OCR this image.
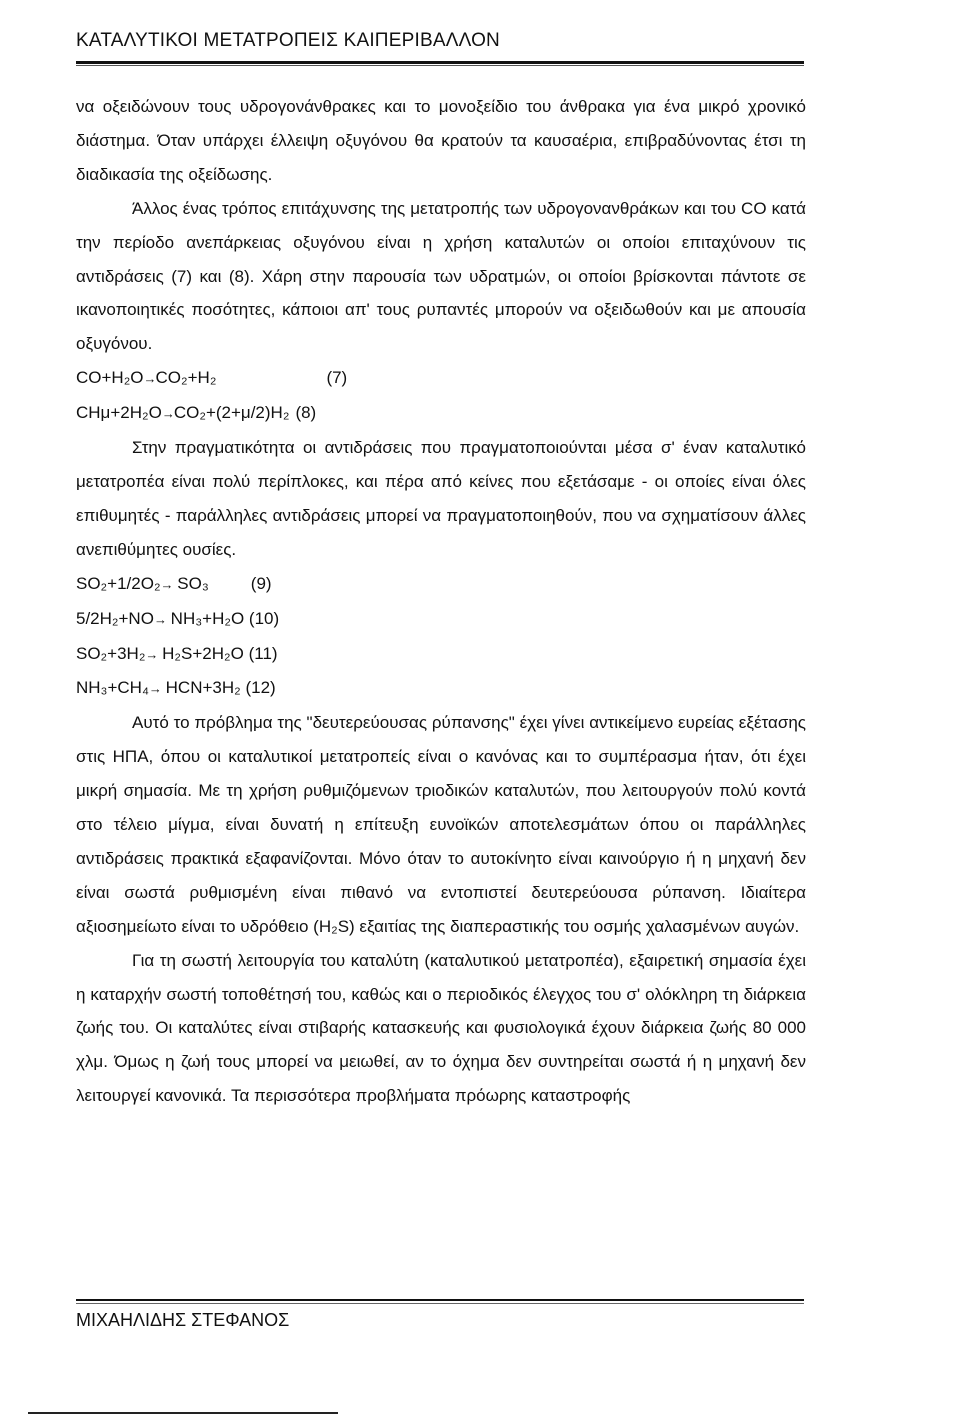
ΚΑΤΑΛΥΤΙΚΟΙ ΜΕΤΑΤΡΟΠΕΙΣ ΚΑΙΠΕΡΙΒΑΛΛΟΝ

να οξειδώνουν τους υδρογονάνθρακες και το μονοξείδιο του άνθρακα για ένα μικρό χρονικό διάστημα. Όταν υπάρχει έλλειψη οξυγόνου θα κρατούν τα καυσαέρια, επιβραδύνοντας έτσι τη διαδικασία της οξείδωσης.

Άλλος ένας τρόπος επιτάχυνσης της μετατροπής των υδρογονανθράκων και του CO κατά την περίοδο ανεπάρκειας οξυγόνου είναι η χρήση καταλυτών οι οποίοι επιταχύνουν τις αντιδράσεις (7) και (8). Χάρη στην παρουσία των υδρατμών, οι οποίοι βρίσκονται πάντοτε σε ικανοποιητικές ποσότητες, κάποιοι απ' τους ρυπαντές μπορούν να οξειδωθούν και με απουσία οξυγόνου.

CO+H₂O→CO₂+H₂	(7)
CHμ+2H₂O→CO₂+(2+μ/2)H₂ (8)

Στην πραγματικότητα οι αντιδράσεις που πραγματοποιούνται μέσα σ' έναν καταλυτικό μετατροπέα είναι πολύ περίπλοκες, και πέρα από κείνες που εξετάσαμε - οι οποίες είναι όλες επιθυμητές - παράλληλες αντιδράσεις μπορεί να πραγματοποιηθούν, που να σχηματίσουν άλλες ανεπιθύμητες ουσίες.

SO₂+1/2O₂→ SO₃ (9)
5/2H₂+NO→ NH₃+H₂O (10)
SO₂+3H₂→ H₂S+2H₂O (11)
NH₃+CH₄→ HCN+3H₂ (12)

Αυτό το πρόβλημα της "δευτερεύουσας ρύπανσης" έχει γίνει αντικείμενο ευρείας εξέτασης στις ΗΠΑ, όπου οι καταλυτικοί μετατροπείς είναι ο κανόνας και το συμπέρασμα ήταν, ότι έχει μικρή σημασία. Με τη χρήση ρυθμιζόμενων τριοδικών καταλυτών, που λειτουργούν πολύ κοντά στο τέλειο μίγμα, είναι δυνατή η επίτευξη ευνοϊκών αποτελεσμάτων όπου οι παράλληλες αντιδράσεις πρακτικά εξαφανίζονται. Μόνο όταν το αυτοκίνητο είναι καινούργιο ή η μηχανή δεν είναι σωστά ρυθμισμένη είναι πιθανό να εντοπιστεί δευτερεύουσα ρύπανση. Ιδιαίτερα αξιοσημείωτο είναι το υδρόθειο (H₂S) εξαιτίας της διαπεραστικής του οσμής χαλασμένων αυγών.

Για τη σωστή λειτουργία του καταλύτη (καταλυτικού μετατροπέα), εξαιρετική σημασία έχει η καταρχήν σωστή τοποθέτησή του, καθώς και ο περιοδικός έλεγχος του σ' ολόκληρη τη διάρκεια ζωής του. Οι καταλύτες είναι στιβαρής κατασκευής και φυσιολογικά έχουν διάρκεια ζωής 80 000 χλμ. Όμως η ζωή τους μπορεί να μειωθεί, αν το όχημα δεν συντηρείται σωστά ή η μηχανή δεν λειτουργεί κανονικά. Τα περισσότερα προβλήματα πρόωρης καταστροφής

ΜΙΧΑΗΛΙΔΗΣ ΣΤΕΦΑΝΟΣ
